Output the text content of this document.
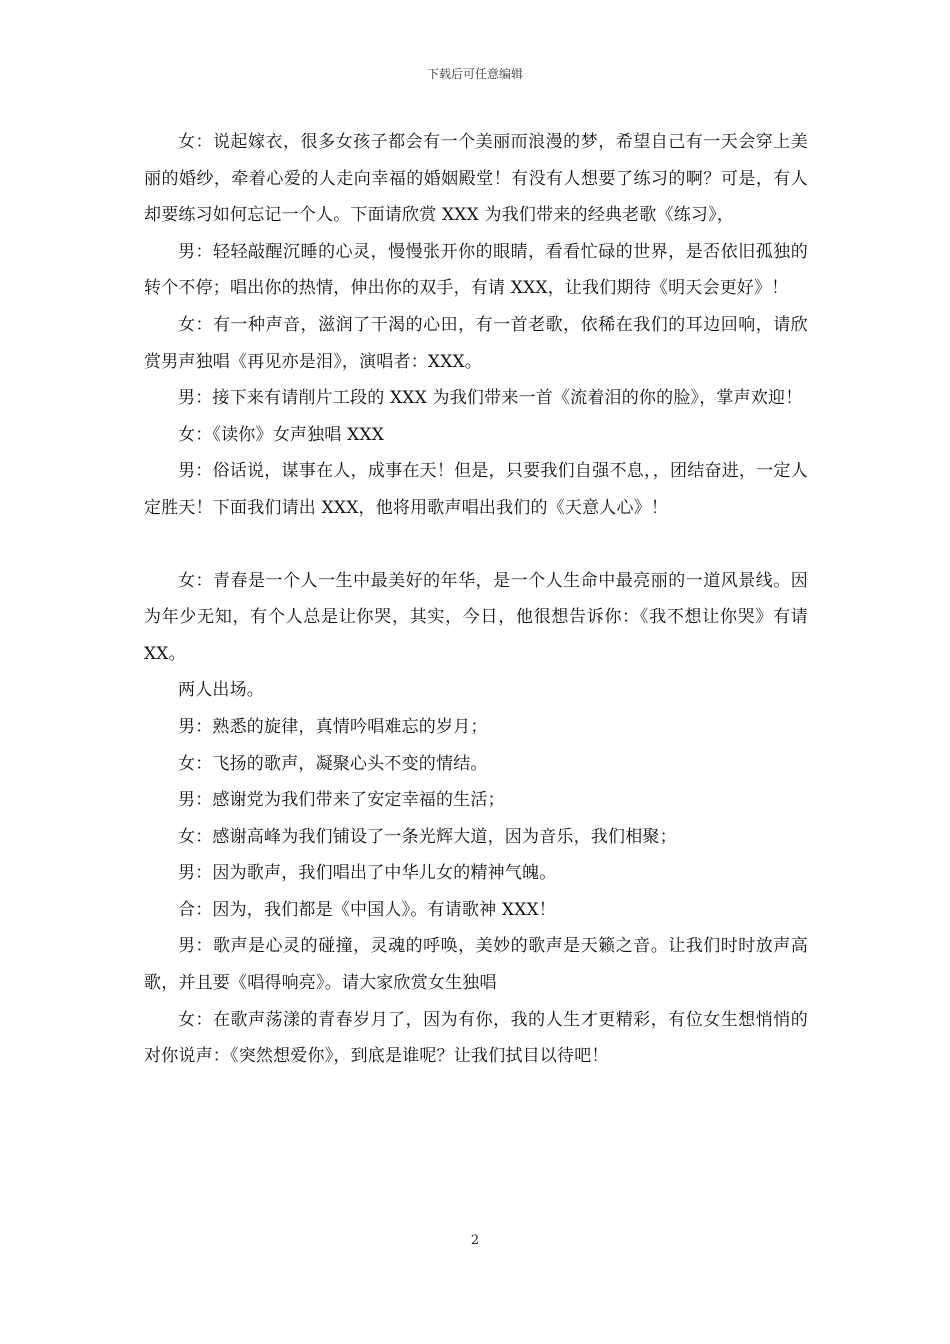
下载后可任意编辑

女：说起嫁衣，很多女孩子都会有一个美丽而浪漫的梦，希望自己有一天会穿上美丽的婚纱，牵着心爱的人走向幸福的婚姻殿堂！有没有人想要了练习的啊？可是，有人却要练习如何忘记一个人。下面请欣赏 XXX 为我们带来的经典老歌《练习》，

男：轻轻敲醒沉睡的心灵，慢慢张开你的眼睛，看看忙碌的世界，是否依旧孤独的转个不停；唱出你的热情，伸出你的双手，有请 XXX，让我们期待《明天会更好》！

女：有一种声音，滋润了干渴的心田，有一首老歌，依稀在我们的耳边回响，请欣赏男声独唱《再见亦是泪》，演唱者：XXX。

男：接下来有请削片工段的 XXX 为我们带来一首《流着泪的你的脸》，掌声欢迎！

女：《读你》女声独唱 XXX

男：俗话说，谋事在人，成事在天！但是，只要我们自强不息，，团结奋进，一定人定胜天！下面我们请出 XXX，他将用歌声唱出我们的《天意人心》！

女：青春是一个人一生中最美好的年华，是一个人生命中最亮丽的一道风景线。因为年少无知，有个人总是让你哭，其实，今日，他很想告诉你：《我不想让你哭》有请 XX。

两人出场。

男：熟悉的旋律，真情吟唱难忘的岁月；

女：飞扬的歌声，凝聚心头不变的情结。

男：感谢党为我们带来了安定幸福的生活；

女：感谢高峰为我们铺设了一条光辉大道，因为音乐，我们相聚；

男：因为歌声，我们唱出了中华儿女的精神气魄。

合：因为，我们都是《中国人》。有请歌神 XXX！

男：歌声是心灵的碰撞，灵魂的呼唤，美妙的歌声是天籁之音。让我们时时放声高歌，并且要《唱得响亮》。请大家欣赏女生独唱

女：在歌声荡漾的青春岁月了，因为有你，我的人生才更精彩，有位女生想悄悄的对你说声：《突然想爱你》，到底是谁呢？让我们拭目以待吧！

2
